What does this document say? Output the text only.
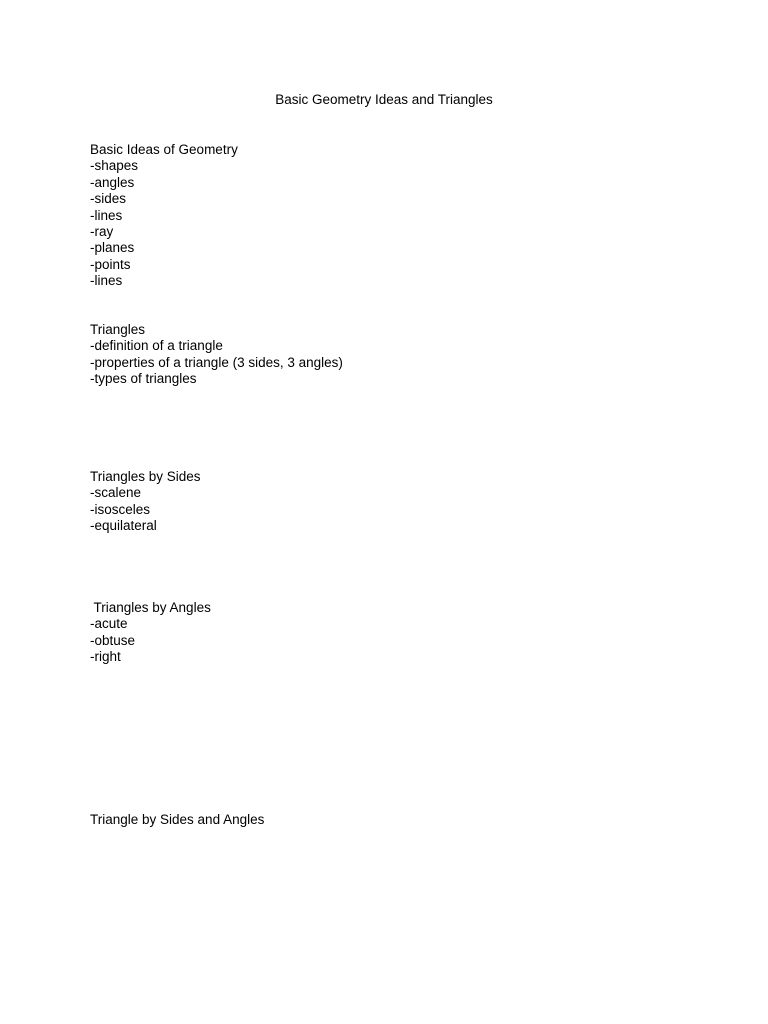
Basic Geometry Ideas and Triangles
Basic Ideas of Geometry
-shapes
-angles
-sides
-lines
-ray
-planes
-points
-lines
Triangles
-definition of a triangle
-properties of a triangle (3 sides, 3 angles)
-types of triangles
Triangles by Sides
-scalene
-isosceles
-equilateral
Triangles by Angles
-acute
-obtuse
-right
Triangle by Sides and Angles
